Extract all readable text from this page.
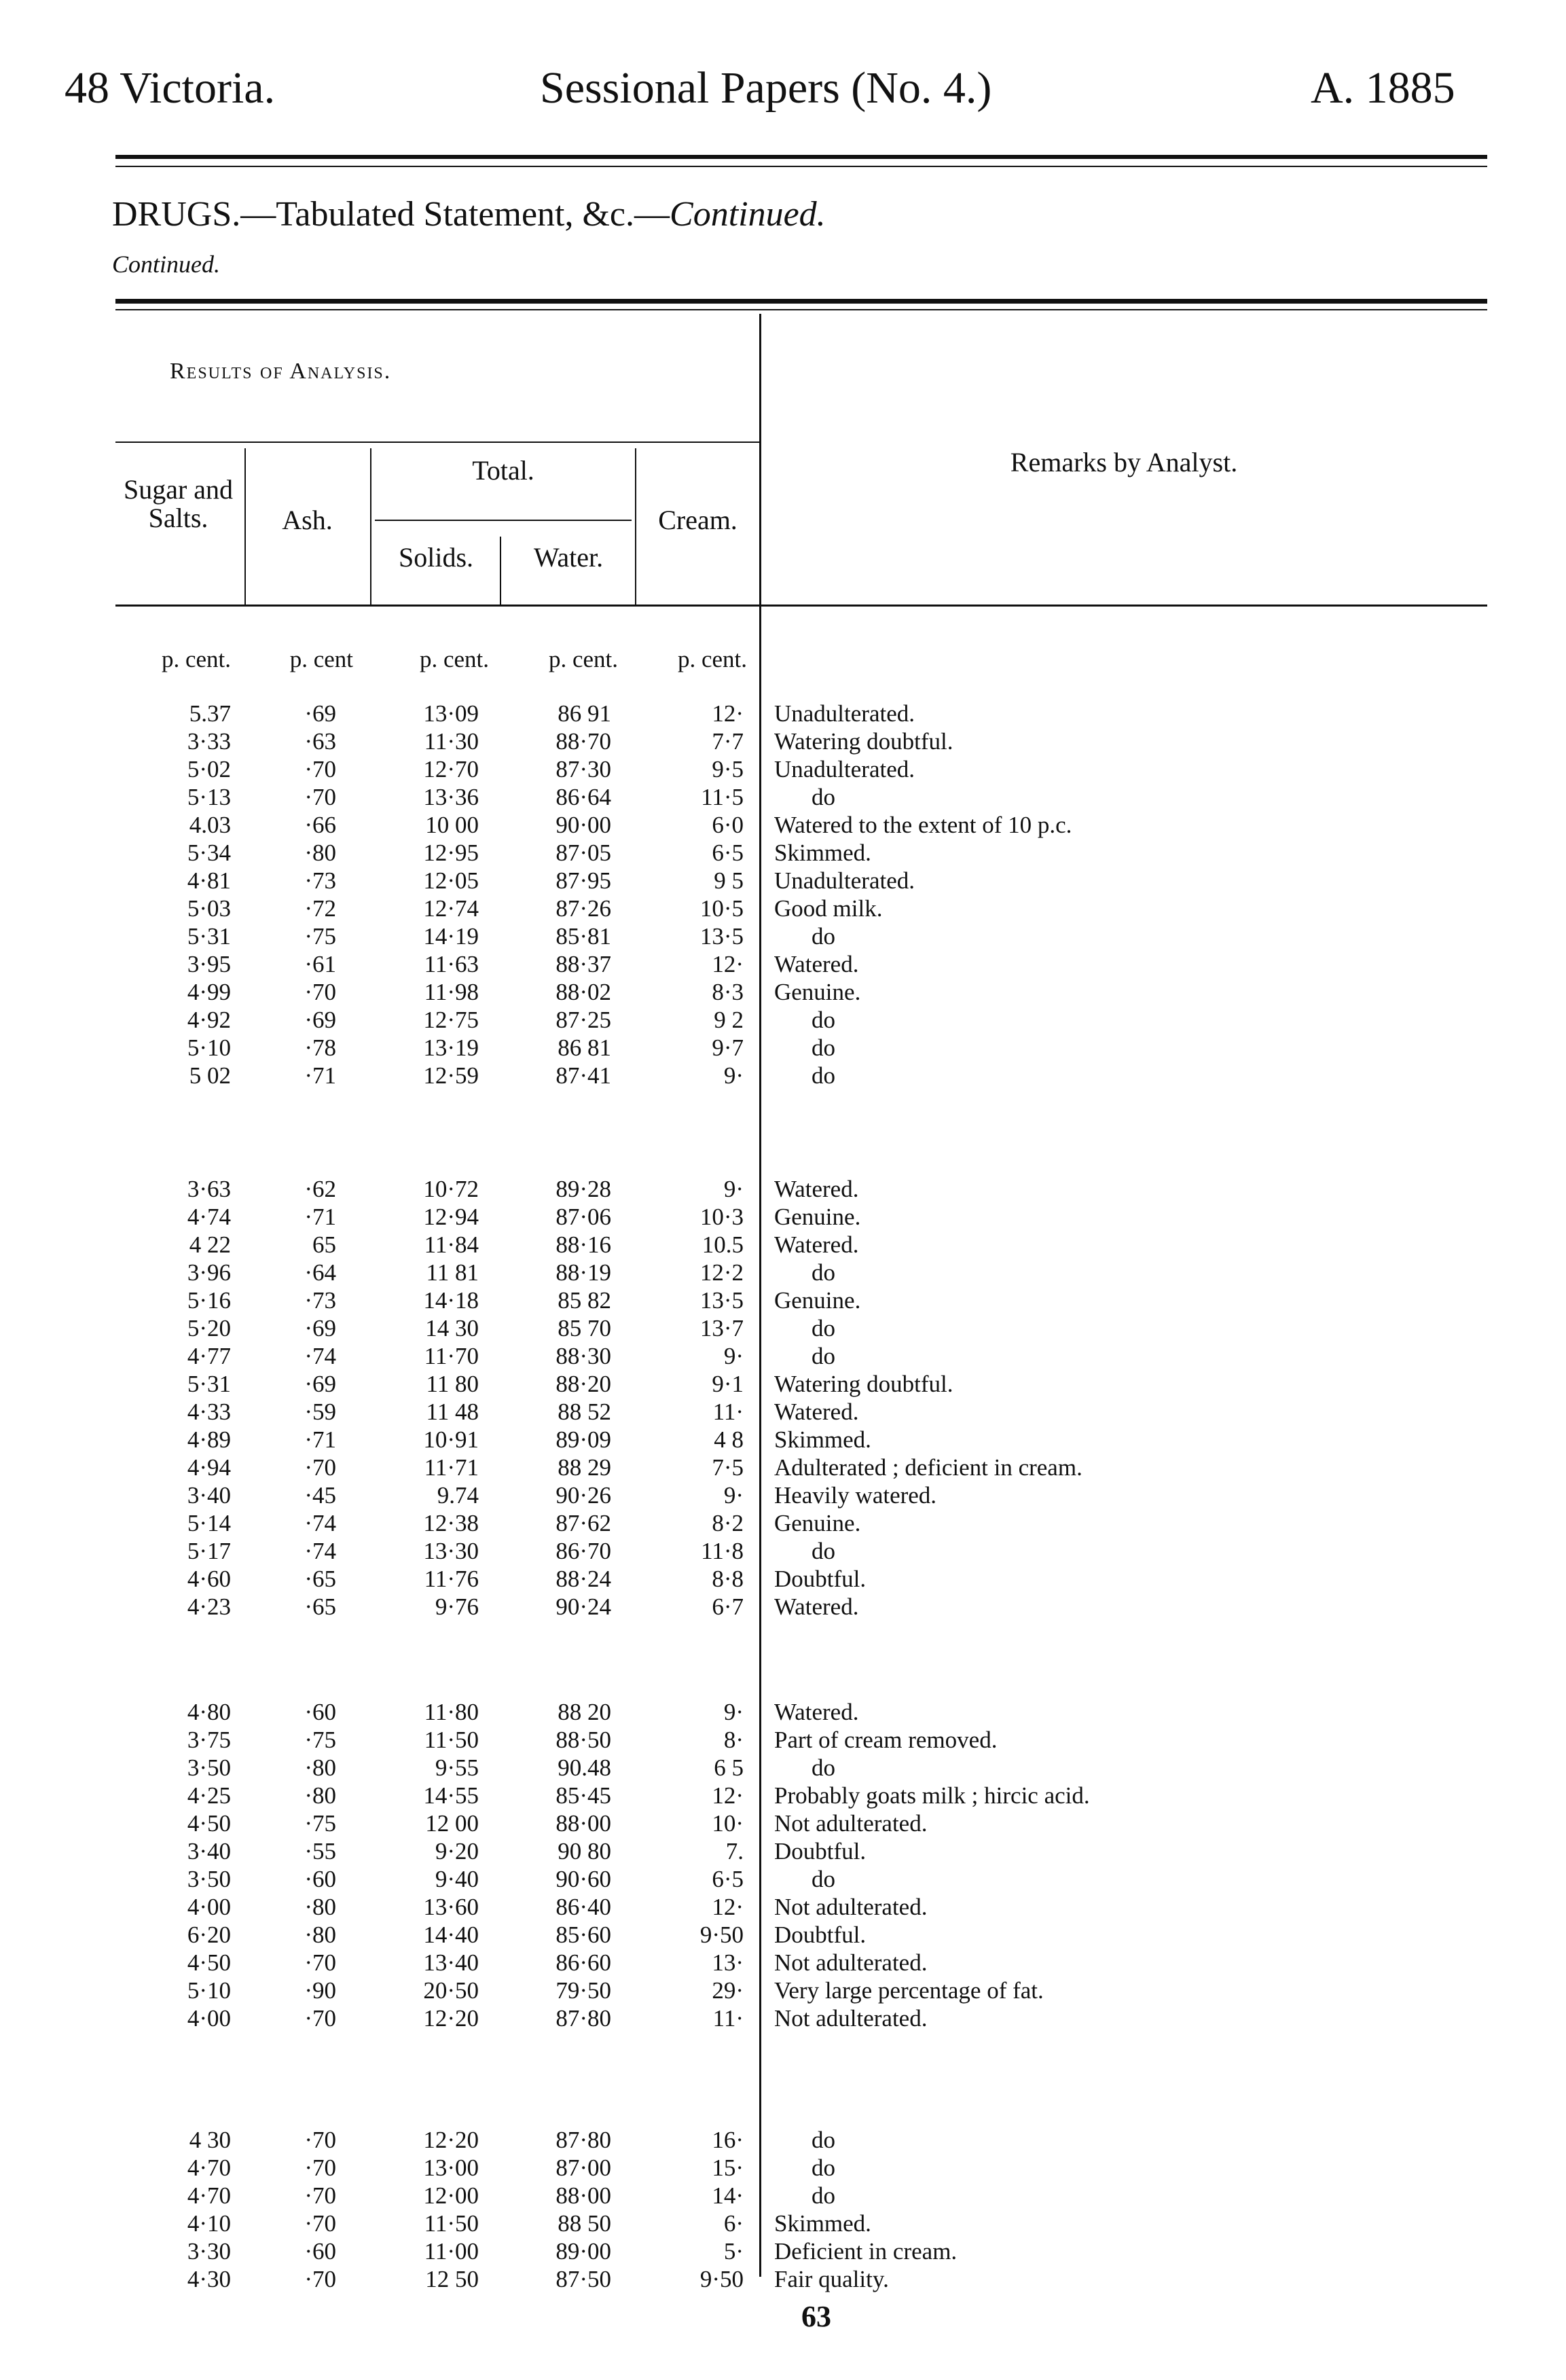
48 Victoria.	Sessional Papers (No. 4.)	A. 1885
DRUGS.—Tabulated Statement, &c.—Continued.
Continued.
Results of Analysis.
Sugar and Salts.	Ash.
Total.
Solids.	Water.
Cream.
Remarks by Analyst.
p. cent.	p. cent	p. cent.	p. cent.	p. cent.
5.37	·69	13·09	86 91	12· Unadulterated.
3·33	·63	11·30	88·70	7·7 Watering doubtful.
5·02	·70	12·70	87·30	9·5 Unadulterated.
5·13	·70	13·36	86·64	11·5	do
4.03	·66	10 00	90·00	6·0 Watered to the extent of 10 p.c.
5·34	·80	12·95	87·05	6·5 Skimmed.
4·81	·73	12·05	87·95	9 5 Unadulterated.
5·03	·72	12·74	87·26	10·5 Good milk.
5·31	·75	14·19	85·81	13·5	do
3·95	·61	11·63	88·37	12· Watered.
4·99	·70	11·98	88·02	8·3 Genuine.
4·92	·69	12·75	87·25	9 2	do
5·10	·78	13·19	86 81	9·7	do
5 02	·71	12·59	87·41	9·	do
3·63	·62	10·72	89·28	9· Watered.
4·74	·71	12·94	87·06	10·3 Genuine.
4 22	65	11·84	88·16	10.5 Watered.
3·96	·64	11 81	88·19	12·2	do
5·16	·73	14·18	85 82	13·5 Genuine.
5·20	·69	14 30	85 70	13·7	do
4·77	·74	11·70	88·30	9·	do
5·31	·69	11 80	88·20	9·1 Watering doubtful.
4·33	·59	11 48	88 52	11· Watered.
4·89	·71	10·91	89·09	4 8 Skimmed.
4·94	·70	11·71	88 29	7·5 Adulterated ; deficient in cream.
3·40	·45	9.74	90·26	9· Heavily watered.
5·14	·74	12·38	87·62	8·2 Genuine.
5·17	·74	13·30	86·70	11·8	do
4·60	·65	11·76	88·24	8·8 Doubtful.
4·23	·65	9·76	90·24	6·7 Watered.
4·80	·60	11·80	88 20	9· Watered.
3·75	·75	11·50	88·50	8· Part of cream removed.
3·50	·80	9·55	90.48	6 5	do
4·25	·80	14·55	85·45	12· Probably goats milk ; hircic acid.
4·50	·75	12 00	88·00	10· Not adulterated.
3·40	·55	9·20	90 80	7. Doubtful.
3·50	·60	9·40	90·60	6·5	do
4·00	·80	13·60	86·40	12· Not adulterated.
6·20	·80	14·40	85·60	9·50 Doubtful.
4·50	·70	13·40	86·60	13· Not adulterated.
5·10	·90	20·50	79·50	29· Very large percentage of fat.
4·00	·70	12·20	87·80	11· Not adulterated.
4 30	·70	12·20	87·80	16·	do
4·70	·70	13·00	87·00	15·	do
4·70	·70	12·00	88·00	14·	do
4·10	·70	11·50	88 50	6· Skimmed.
3·30	·60	11·00	89·00	5· Deficient in cream.
4·30	·70	12 50	87·50	9·50 Fair quality.
63
